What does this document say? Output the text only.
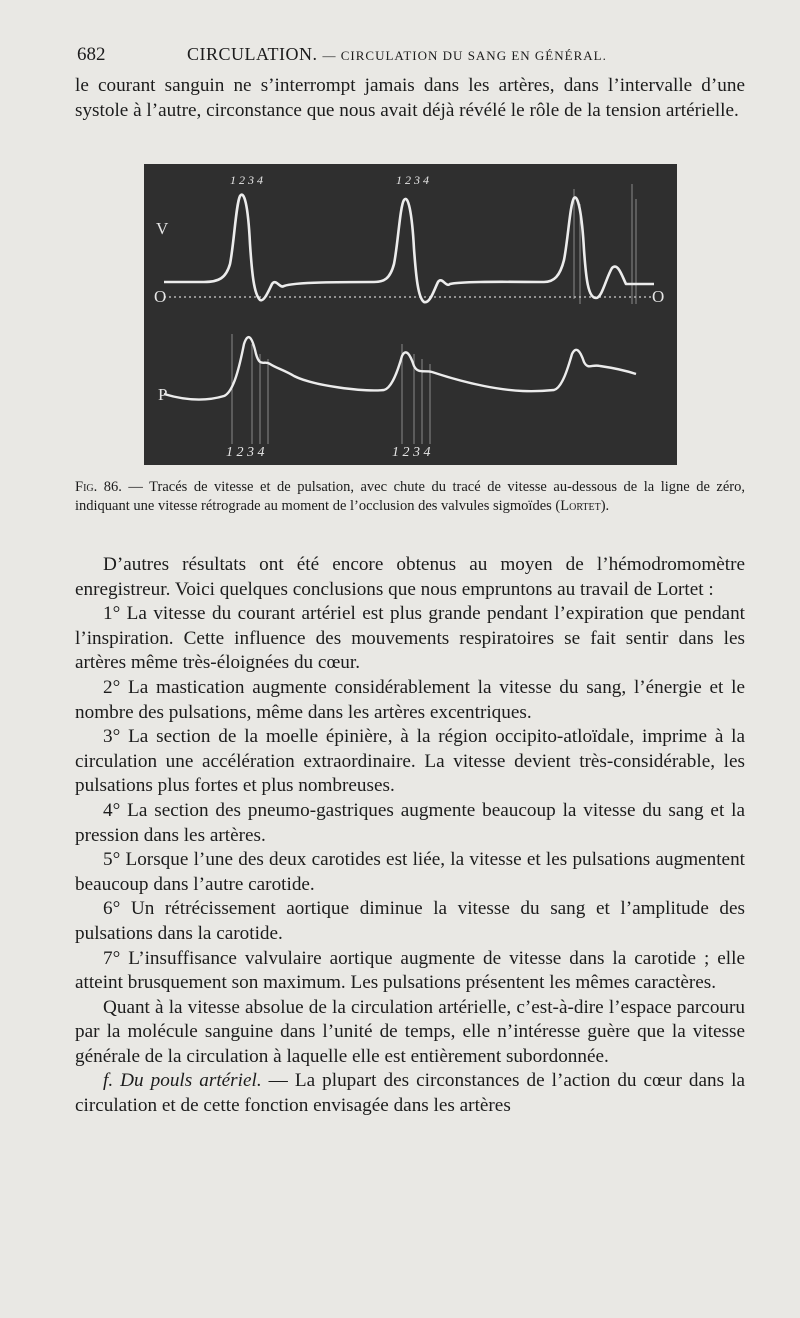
682	CIRCULATION. — CIRCULATION DU SANG EN GÉNÉRAL.

le courant sanguin ne s’interrompt jamais dans les artères, dans l’intervalle d’une systole à l’autre, circonstance que nous avait déjà révélé le rôle de la tension artérielle.

V
O	O
P
1 2 3 4	1 2 3 4
1 2 3 4	1 2 3 4
Fig. 86. — Tracés de vitesse et de pulsation, avec chute du tracé de vitesse au-dessous de la ligne de zéro, indiquant une vitesse rétrograde au moment de l’occlusion des valvules sigmoïdes (Lortet).

D’autres résultats ont été encore obtenus au moyen de l’hémodromomètre enregistreur. Voici quelques conclusions que nous empruntons au travail de Lortet :

1° La vitesse du courant artériel est plus grande pendant l’expiration que pendant l’inspiration. Cette influence des mouvements respiratoires se fait sentir dans les artères même très-éloignées du cœur.

2° La mastication augmente considérablement la vitesse du sang, l’énergie et le nombre des pulsations, même dans les artères excentriques.

3° La section de la moelle épinière, à la région occipito-atloïdale, imprime à la circulation une accélération extraordinaire. La vitesse devient très-considérable, les pulsations plus fortes et plus nombreuses.

4° La section des pneumo-gastriques augmente beaucoup la vitesse du sang et la pression dans les artères.

5° Lorsque l’une des deux carotides est liée, la vitesse et les pulsations augmentent beaucoup dans l’autre carotide.

6° Un rétrécissement aortique diminue la vitesse du sang et l’amplitude des pulsations dans la carotide.

7° L’insuffisance valvulaire aortique augmente de vitesse dans la carotide ; elle atteint brusquement son maximum. Les pulsations présentent les mêmes caractères.

Quant à la vitesse absolue de la circulation artérielle, c’est-à-dire l’espace parcouru par la molécule sanguine dans l’unité de temps, elle n’intéresse guère que la vitesse générale de la circulation à laquelle elle est entièrement subordonnée.

f. Du pouls artériel. — La plupart des circonstances de l’action du cœur dans la circulation et de cette fonction envisagée dans les artères
